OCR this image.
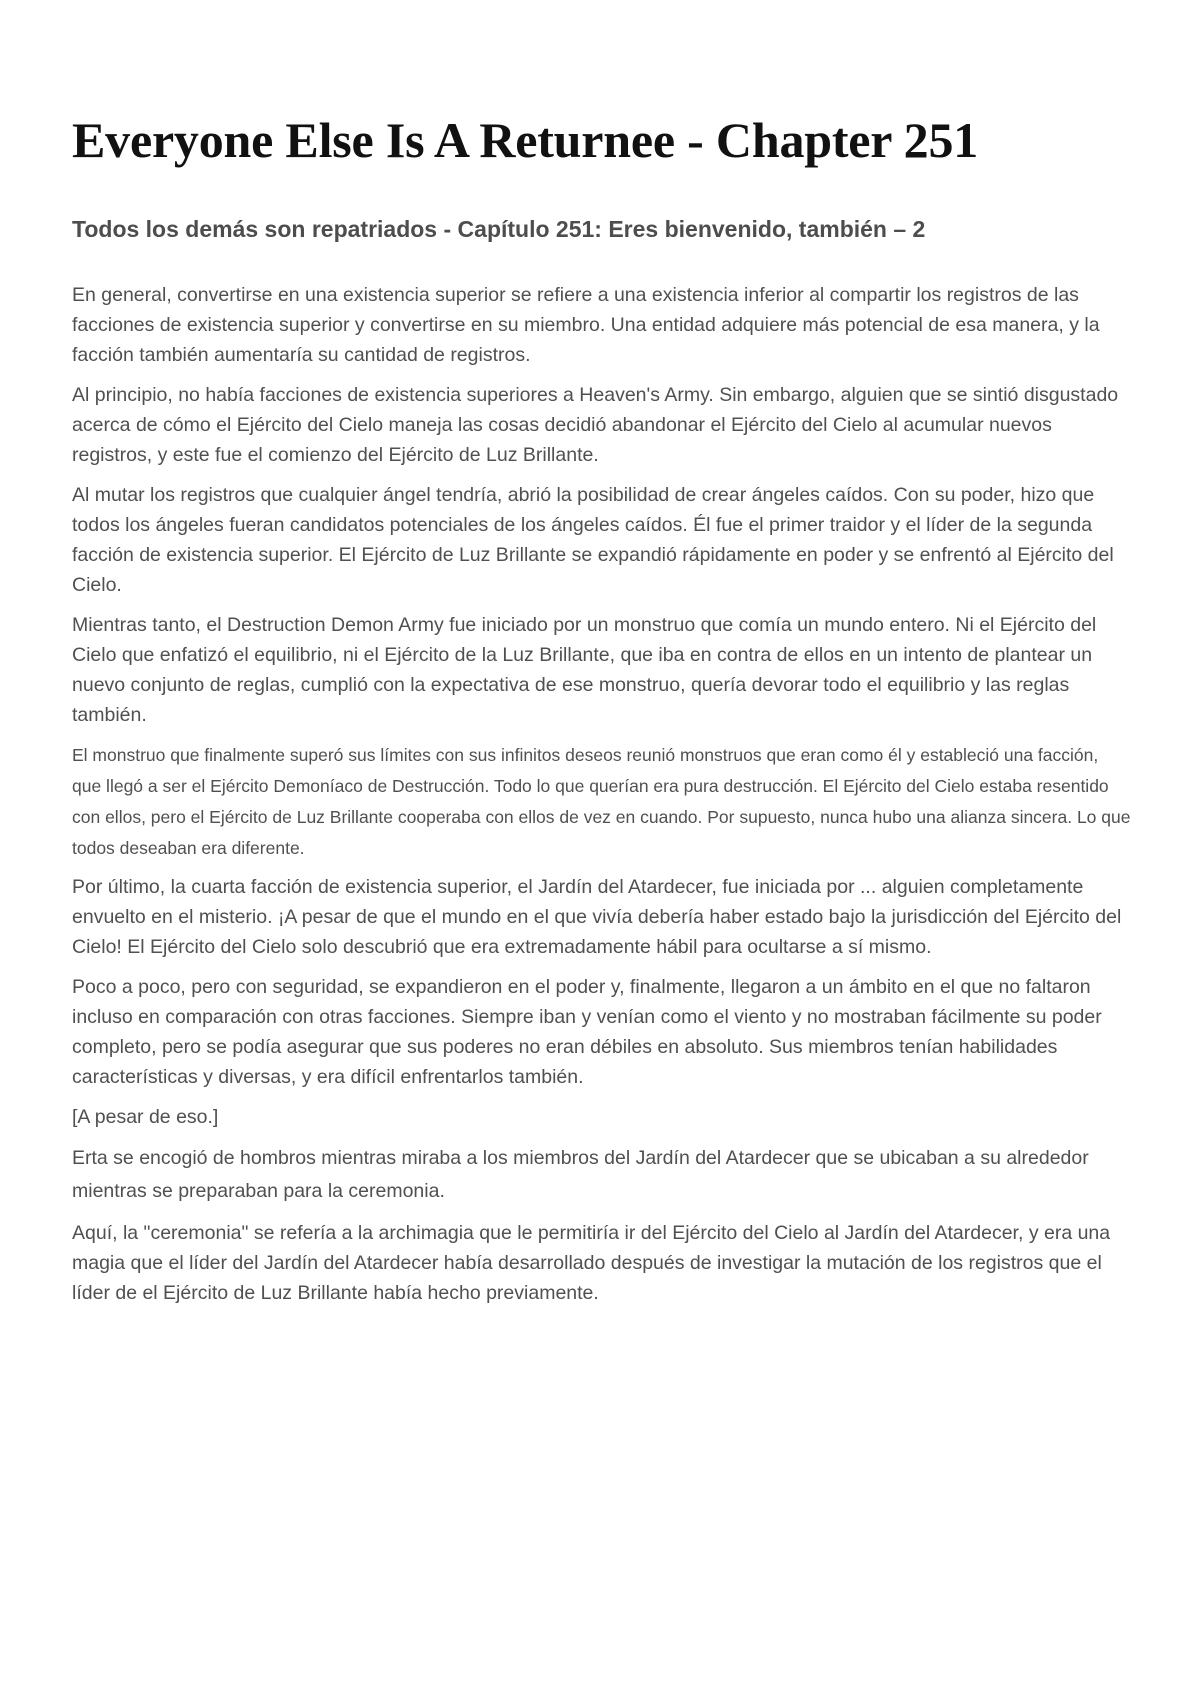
Everyone Else Is A Returnee - Chapter 251
Todos los demás son repatriados - Capítulo 251: Eres bienvenido, también – 2

En general, convertirse en una existencia superior se refiere a una existencia inferior al compartir los registros de las facciones de existencia superior y convertirse en su miembro. Una entidad adquiere más potencial de esa manera, y la facción también aumentaría su cantidad de registros.

Al principio, no había facciones de existencia superiores a Heaven's Army. Sin embargo, alguien que se sintió disgustado acerca de cómo el Ejército del Cielo maneja las cosas decidió abandonar el Ejército del Cielo al acumular nuevos registros, y este fue el comienzo del Ejército de Luz Brillante.

Al mutar los registros que cualquier ángel tendría, abrió la posibilidad de crear ángeles caídos. Con su poder, hizo que todos los ángeles fueran candidatos potenciales de los ángeles caídos. Él fue el primer traidor y el líder de la segunda facción de existencia superior. El Ejército de Luz Brillante se expandió rápidamente en poder y se enfrentó al Ejército del Cielo.

Mientras tanto, el Destruction Demon Army fue iniciado por un monstruo que comía un mundo entero. Ni el Ejército del Cielo que enfatizó el equilibrio, ni el Ejército de la Luz Brillante, que iba en contra de ellos en un intento de plantear un nuevo conjunto de reglas, cumplió con la expectativa de ese monstruo, quería devorar todo el equilibrio y las reglas también.

El monstruo que finalmente superó sus límites con sus infinitos deseos reunió monstruos que eran como él y estableció una facción, que llegó a ser el Ejército Demoníaco de Destrucción. Todo lo que querían era pura destrucción. El Ejército del Cielo estaba resentido con ellos, pero el Ejército de Luz Brillante cooperaba con ellos de vez en cuando. Por supuesto, nunca hubo una alianza sincera. Lo que todos deseaban era diferente.

Por último, la cuarta facción de existencia superior, el Jardín del Atardecer, fue iniciada por ... alguien completamente envuelto en el misterio. ¡A pesar de que el mundo en el que vivía debería haber estado bajo la jurisdicción del Ejército del Cielo! El Ejército del Cielo solo descubrió que era extremadamente hábil para ocultarse a sí mismo.

Poco a poco, pero con seguridad, se expandieron en el poder y, finalmente, llegaron a un ámbito en el que no faltaron incluso en comparación con otras facciones. Siempre iban y venían como el viento y no mostraban fácilmente su poder completo, pero se podía asegurar que sus poderes no eran débiles en absoluto. Sus miembros tenían habilidades características y diversas, y era difícil enfrentarlos también.

[A pesar de eso.]

Erta se encogió de hombros mientras miraba a los miembros del Jardín del Atardecer que se ubicaban a su alrededor mientras se preparaban para la ceremonia.

Aquí, la "ceremonia" se refería a la archimagia que le permitiría ir del Ejército del Cielo al Jardín del Atardecer, y era una magia que el líder del Jardín del Atardecer había desarrollado después de investigar la mutación de los registros que el líder de el Ejército de Luz Brillante había hecho previamente.
